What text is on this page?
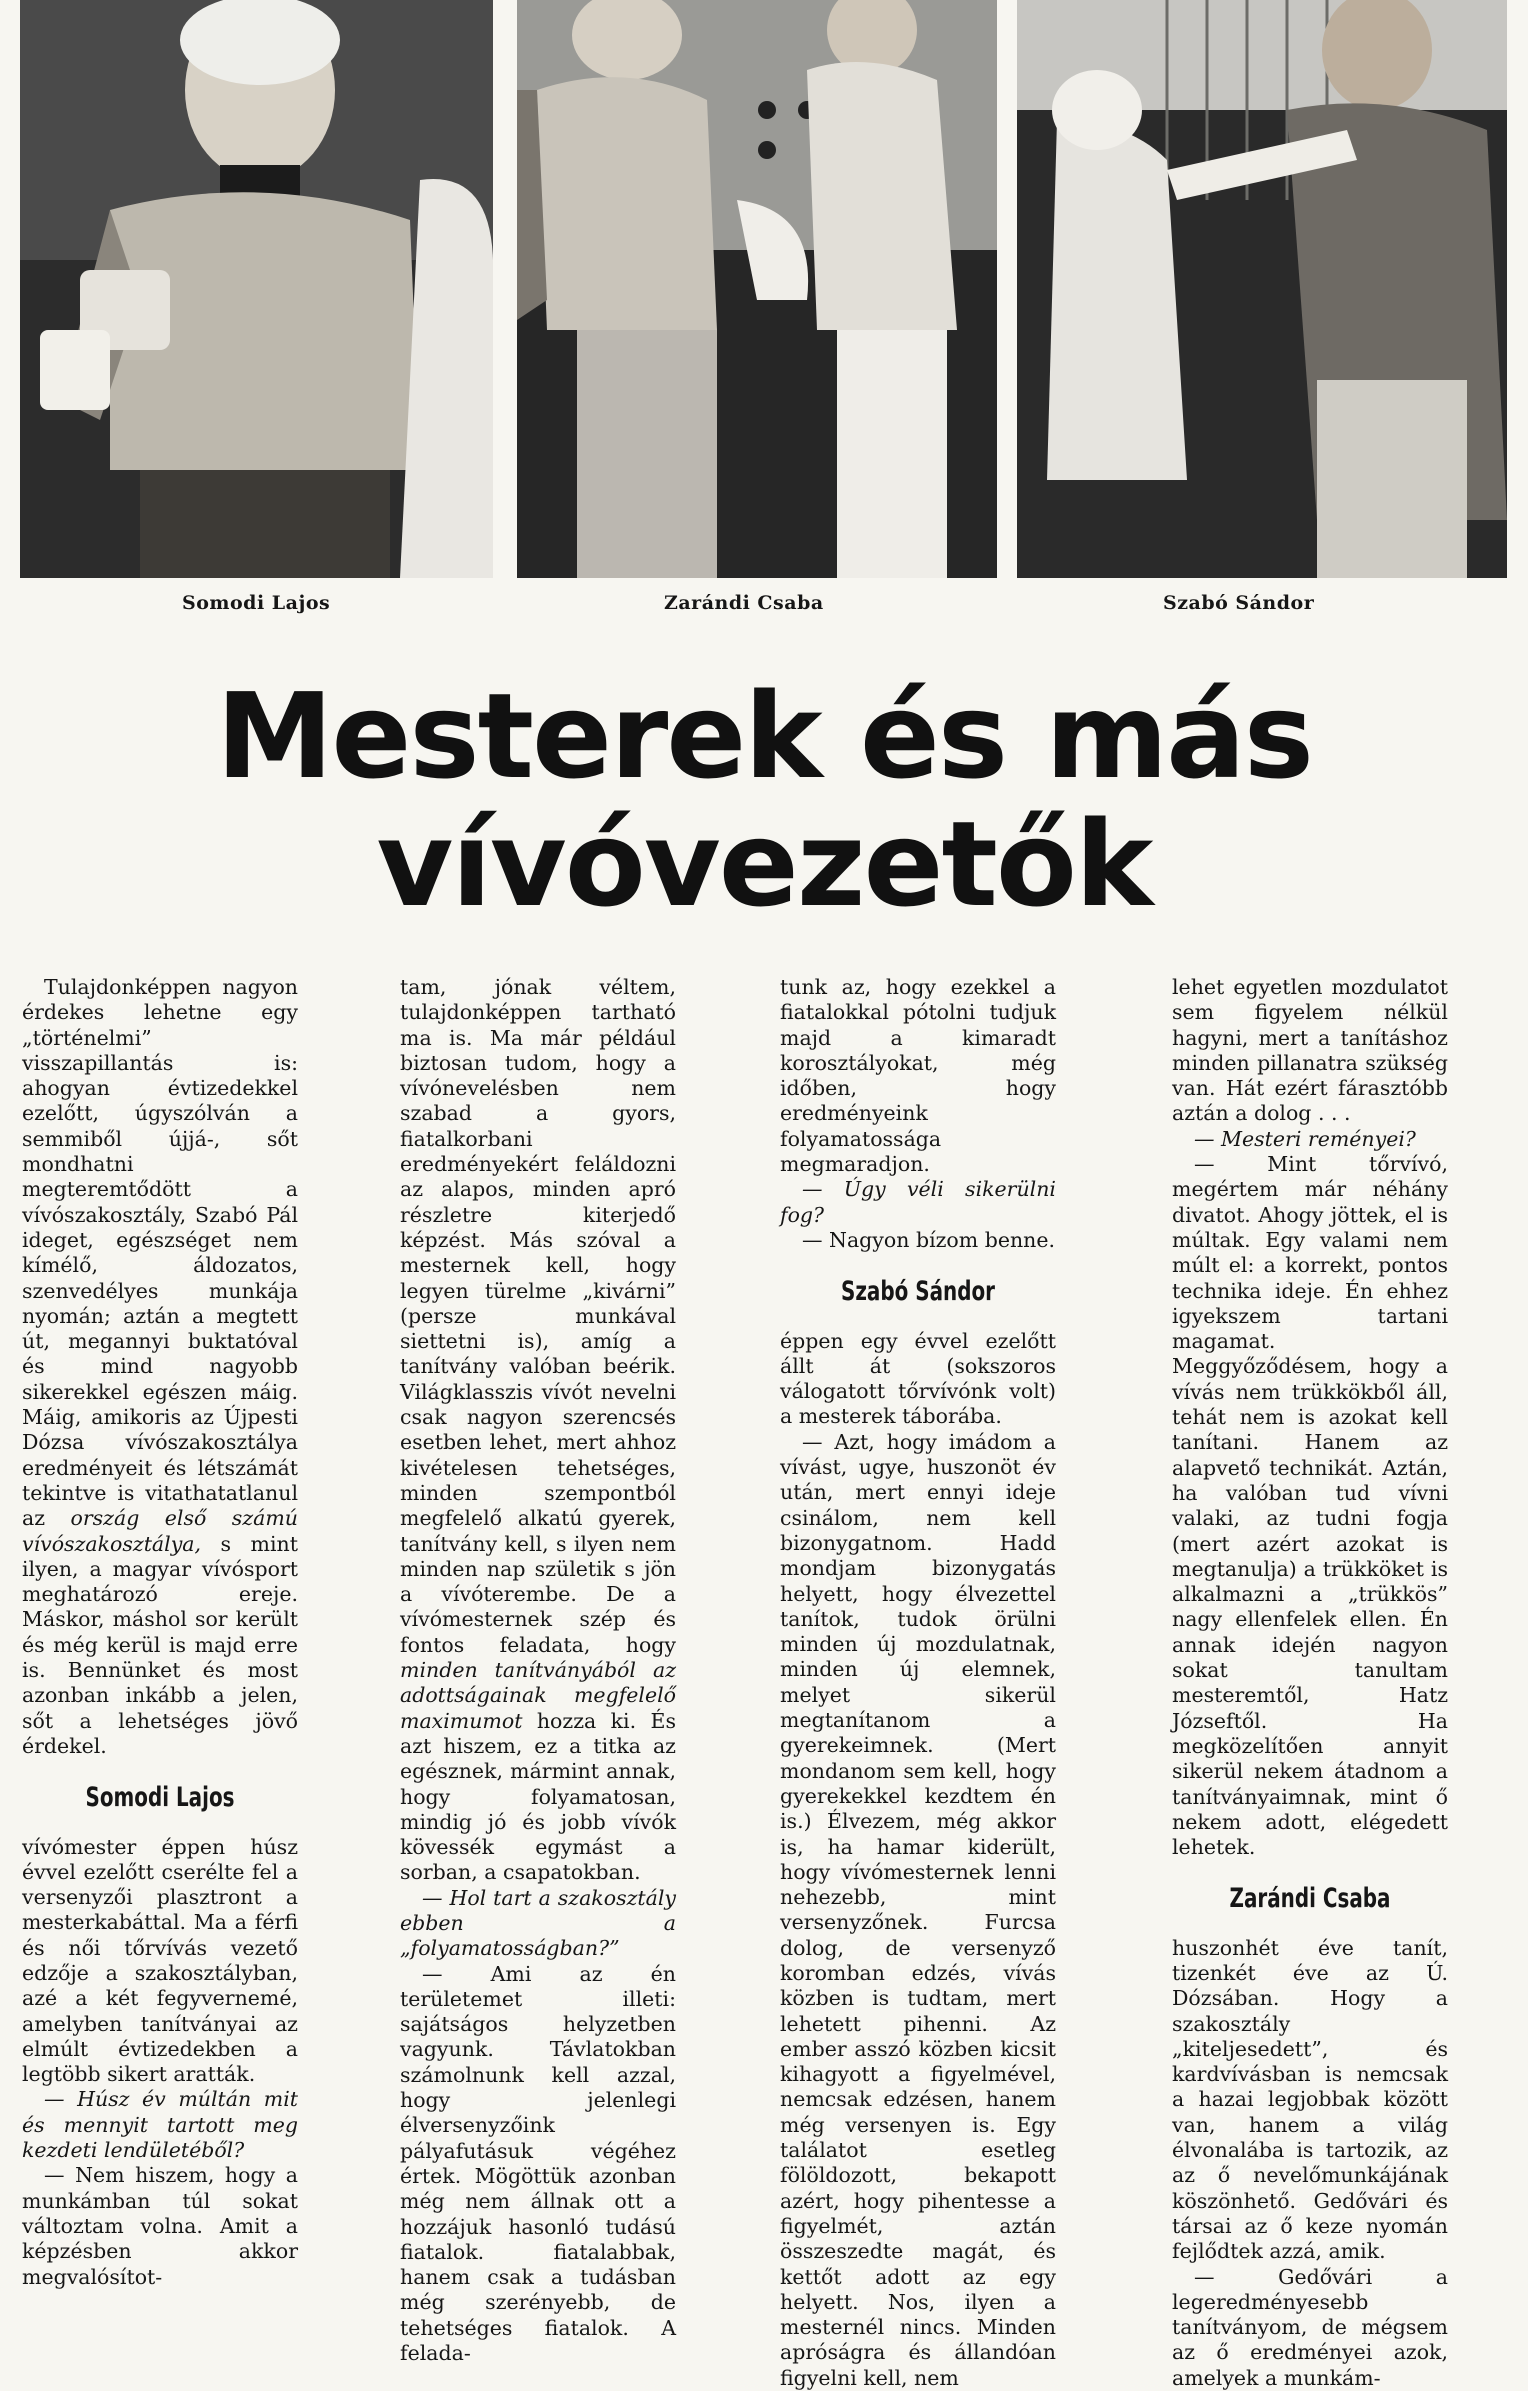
Somodi Lajos	Zarándi Csaba	Szabó Sándor
Mesterek és más
vívóvezetők

Tulajdonképpen nagyon érdekes lehetne egy „történelmi” visszapillantás is: ahogyan évtizedekkel ezelőtt, úgyszólván a semmiből újjá-, sőt mondhatni megteremtődött a vívószakosztály, Szabó Pál ideget, egészséget nem kímélő, áldozatos, szenvedélyes munkája nyomán; aztán a megtett út, megannyi buktatóval és mind nagyobb sikerekkel egészen máig. Máig, amikoris az Újpesti Dózsa vívószakosztálya eredményeit és létszámát tekintve is vitathatatlanul az ország első számú vívószakosztálya, s mint ilyen, a magyar vívósport meghatározó ereje. Máskor, máshol sor került és még kerül is majd erre is. Bennünket és most azonban inkább a jelen, sőt a lehetséges jövő érdekel.

Somodi Lajos

vívómester éppen húsz évvel ezelőtt cserélte fel a versenyzői plasztront a mesterkabáttal. Ma a férfi és női tőrvívás vezető edzője a szakosztályban, azé a két fegyvernemé, amelyben tanítványai az elmúlt évtizedekben a legtöbb sikert aratták.

— Húsz év múltán mit és mennyit tartott meg kezdeti lendületéből?

— Nem hiszem, hogy a munkámban túl sokat változtam volna. Amit a képzésben akkor megvalósítot-

tam, jónak véltem, tulajdonképpen tartható ma is. Ma már például biztosan tudom, hogy a vívónevelésben nem szabad a gyors, fiatalkorbani eredményekért feláldozni az alapos, minden apró részletre kiterjedő képzést. Más szóval a mesternek kell, hogy legyen türelme „kivárni” (persze munkával siettetni is), amíg a tanítvány valóban beérik. Világklasszis vívót nevelni csak nagyon szerencsés esetben lehet, mert ahhoz kivételesen tehetséges, minden szempontból megfelelő alkatú gyerek, tanítvány kell, s ilyen nem minden nap születik s jön a vívóterembe. De a vívómesternek szép és fontos feladata, hogy minden tanítványából az adottságainak megfelelő maximumot hozza ki. És azt hiszem, ez a titka az egésznek, mármint annak, hogy folyamatosan, mindig jó és jobb vívók kövessék egymást a sorban, a csapatokban.

— Hol tart a szakosztály ebben a „folyamatosságban?”

— Ami az én területemet illeti: sajátságos helyzetben vagyunk. Távlatokban számolnunk kell azzal, hogy jelenlegi élversenyzőink pályafutásuk végéhez értek. Mögöttük azonban még nem állnak ott a hozzájuk hasonló tudású fiatalok. fiatalabbak, hanem csak a tudásban még szerényebb, de tehetséges fiatalok. A felada-

tunk az, hogy ezekkel a fiatalokkal pótolni tudjuk majd a kimaradt korosztályokat, még időben, hogy eredményeink folyamatossága megmaradjon.

— Úgy véli sikerülni fog?

— Nagyon bízom benne.

Szabó Sándor

éppen egy évvel ezelőtt állt át (sokszoros válogatott tőrvívónk volt) a mesterek táborába.

— Azt, hogy imádom a vívást, ugye, huszonöt év után, mert ennyi ideje csinálom, nem kell bizonygatnom. Hadd mondjam bizonygatás helyett, hogy élvezettel tanítok, tudok örülni minden új mozdulatnak, minden új elemnek, melyet sikerül megtanítanom a gyerekeimnek. (Mert mondanom sem kell, hogy gyerekekkel kezdtem én is.) Élvezem, még akkor is, ha hamar kiderült, hogy vívómesternek lenni nehezebb, mint versenyzőnek. Furcsa dolog, de versenyző koromban edzés, vívás közben is tudtam, mert lehetett pihenni. Az ember asszó közben kicsit kihagyott a figyelmével, nemcsak edzésen, hanem még versenyen is. Egy találatot esetleg fölöldozott, bekapott azért, hogy pihentesse a figyelmét, aztán összeszedte magát, és kettőt adott az egy helyett. Nos, ilyen a mesternél nincs. Minden apróságra és állandóan figyelni kell, nem

lehet egyetlen mozdulatot sem figyelem nélkül hagyni, mert a tanításhoz minden pillanatra szükség van. Hát ezért fárasztóbb aztán a dolog . . .

— Mesteri reményei?

— Mint tőrvívó, megértem már néhány divatot. Ahogy jöttek, el is múltak. Egy valami nem múlt el: a korrekt, pontos technika ideje. Én ehhez igyekszem tartani magamat. Meggyőződésem, hogy a vívás nem trükkökből áll, tehát nem is azokat kell tanítani. Hanem az alapvető technikát. Aztán, ha valóban tud vívni valaki, az tudni fogja (mert azért azokat is megtanulja) a trükköket is alkalmazni a „trükkös” nagy ellenfelek ellen. Én annak idején nagyon sokat tanultam mesteremtől, Hatz Józseftől. Ha megközelítően annyit sikerül nekem átadnom a tanítványaimnak, mint ő nekem adott, elégedett lehetek.

Zarándi Csaba

huszonhét éve tanít, tizenkét éve az Ú. Dózsában. Hogy a szakosztály „kiteljesedett”, és kardvívásban is nemcsak a hazai legjobbak között van, hanem a világ élvonalába is tartozik, az az ő nevelőmunkájának köszönhető. Gedővári és társai az ő keze nyomán fejlődtek azzá, amik.

— Gedővári a legeredményesebb tanítványom, de mégsem az ő eredményei azok, amelyek a munkám-
